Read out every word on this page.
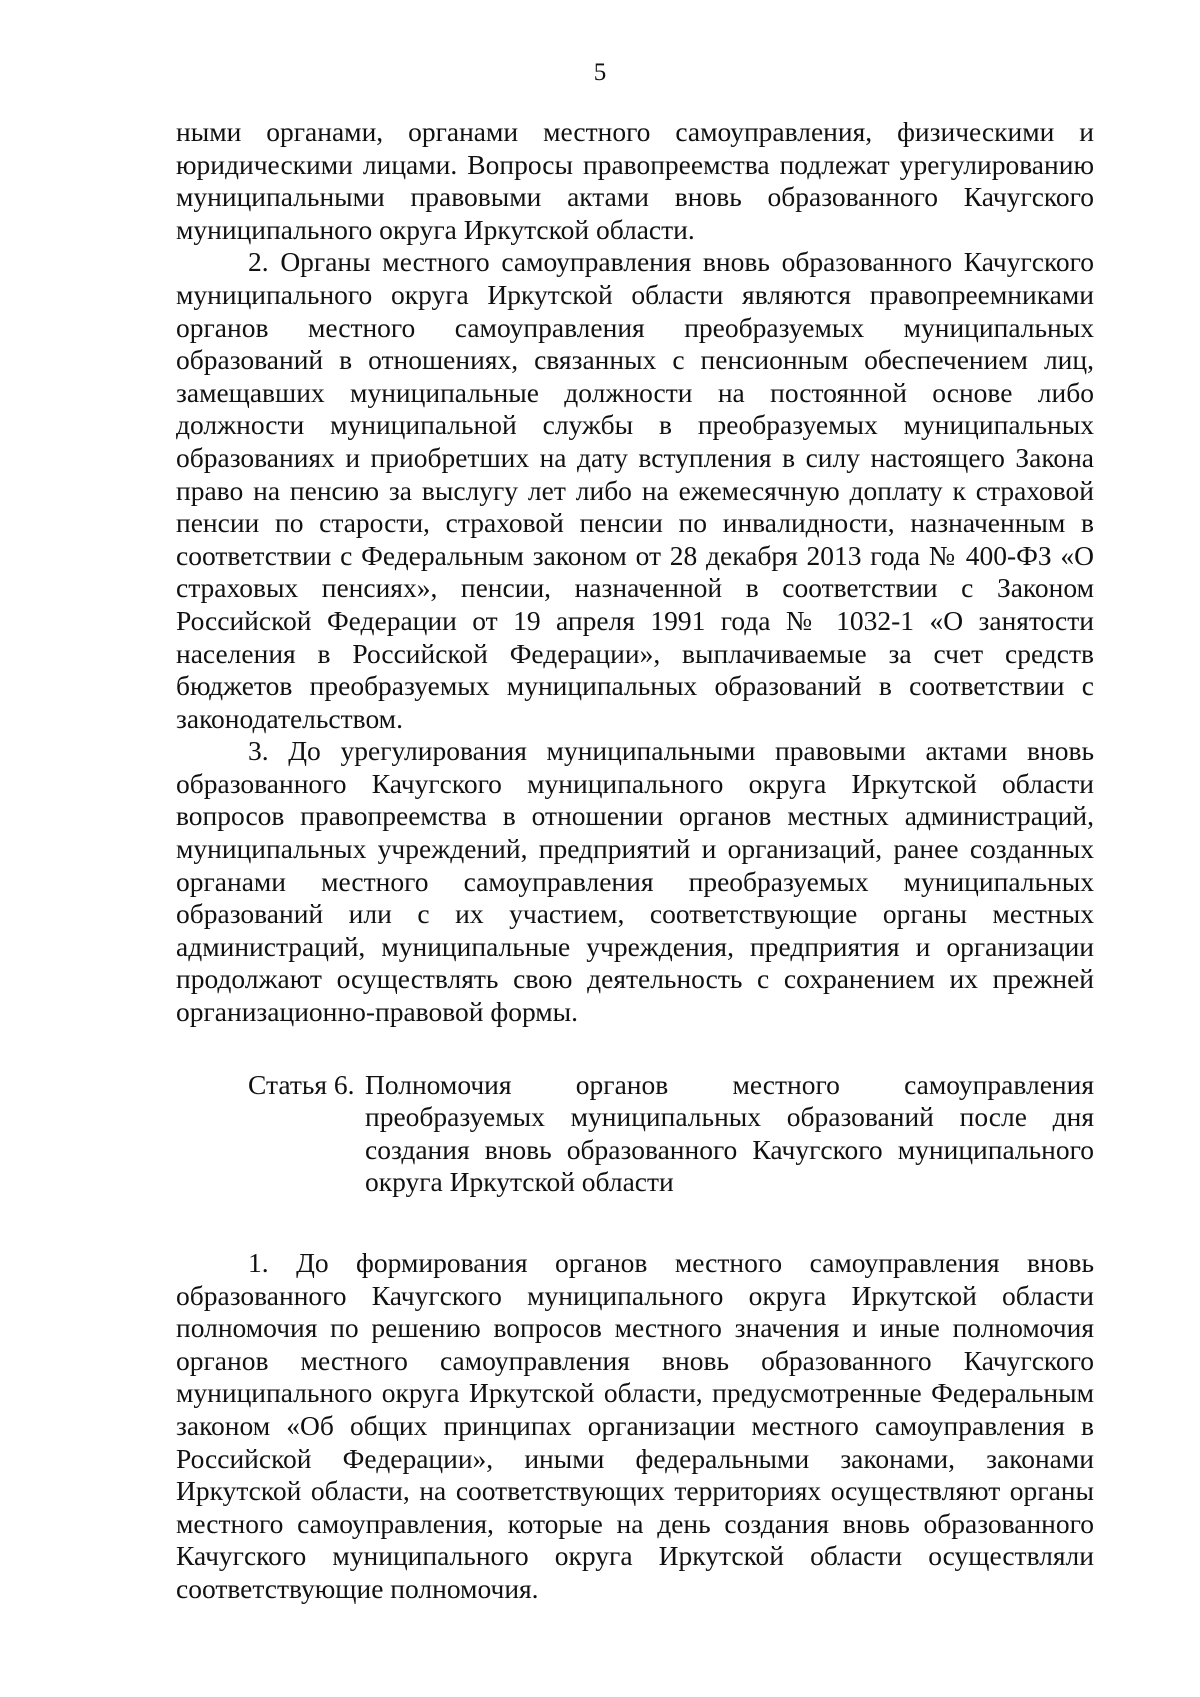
5

ными органами, органами местного самоуправления, физическими и юридическими лицами. Вопросы правопреемства подлежат урегулированию муниципальными правовыми актами вновь образованного Качугского муниципального округа Иркутской области.

2. Органы местного самоуправления вновь образованного Качугского муниципального округа Иркутской области являются правопреемниками органов местного самоуправления преобразуемых муниципальных образований в отношениях, связанных с пенсионным обеспечением лиц, замещавших муниципальные должности на постоянной основе либо должности муниципальной службы в преобразуемых муниципальных образованиях и приобретших на дату вступления в силу настоящего Закона право на пенсию за выслугу лет либо на ежемесячную доплату к страховой пенсии по старости, страховой пенсии по инвалидности, назначенным в соответствии с Федеральным законом от 28 декабря 2013 года № 400-ФЗ «О страховых пенсиях», пенсии, назначенной в соответствии с Законом Российской Федерации от 19 апреля 1991 года № 1032-1 «О занятости населения в Российской Федерации», выплачиваемые за счет средств бюджетов преобразуемых муниципальных образований в соответствии с законодательством.

3. До урегулирования муниципальными правовыми актами вновь образованного Качугского муниципального округа Иркутской области вопросов правопреемства в отношении органов местных администраций, муниципальных учреждений, предприятий и организаций, ранее созданных органами местного самоуправления преобразуемых муниципальных образований или с их участием, соответствующие органы местных администраций, муниципальные учреждения, предприятия и организации продолжают осуществлять свою деятельность с сохранением их прежней организационно-правовой формы.

Статья 6. Полномочия органов местного самоуправления преобразуемых муниципальных образований после дня создания вновь образованного Качугского муниципального округа Иркутской области

1. До формирования органов местного самоуправления вновь образованного Качугского муниципального округа Иркутской области полномочия по решению вопросов местного значения и иные полномочия органов местного самоуправления вновь образованного Качугского муниципального округа Иркутской области, предусмотренные Федеральным законом «Об общих принципах организации местного самоуправления в Российской Федерации», иными федеральными законами, законами Иркутской области, на соответствующих территориях осуществляют органы местного самоуправления, которые на день создания вновь образованного Качугского муниципального округа Иркутской области осуществляли соответствующие полномочия.
